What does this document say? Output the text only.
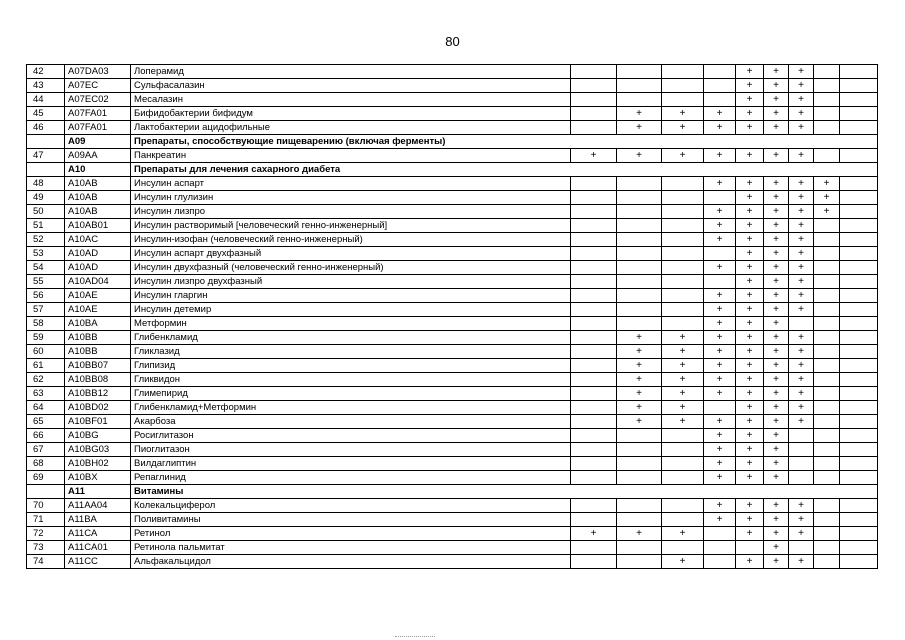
80
42	A07DA03	Лоперамид					+	+	+		
43	A07EC	Сульфасалазин					+	+	+		
44	A07EC02	Месалазин					+	+	+		
45	A07FA01	Бифидобактерии бифидум		+	+	+	+	+	+		
46	A07FA01	Лактобактерии ацидофильные		+	+	+	+	+	+		
	A09	Препараты, способствующие пищеварению (включая ферменты)									
47	A09AA	Панкреатин	+	+	+	+	+	+	+		
	A10	Препараты для лечения сахарного диабета									
48	A10AB	Инсулин аспарт				+	+	+	+	+	
49	A10AB	Инсулин глулизин					+	+	+	+	
50	A10AB	Инсулин лизпро				+	+	+	+	+	
51	A10AB01	Инсулин растворимый [человеческий генно-инженерный]				+	+	+	+		
52	A10AC	Инсулин-изофан (человеческий генно-инженерный)				+	+	+	+		
53	A10AD	Инсулин аспарт двухфазный					+	+	+		
54	A10AD	Инсулин двухфазный (человеческий генно-инженерный)				+	+	+	+		
55	A10AD04	Инсулин лизпро двухфазный					+	+	+		
56	A10AE	Инсулин гларгин				+	+	+	+		
57	A10AE	Инсулин детемир				+	+	+	+		
58	A10BA	Метформин				+	+	+			
59	A10BB	Глибенкламид		+	+	+	+	+	+		
60	A10BB	Гликлазид		+	+	+	+	+	+		
61	A10BB07	Глипизид		+	+	+	+	+	+		
62	A10BB08	Гликвидон		+	+	+	+	+	+		
63	A10BB12	Глимепирид		+	+	+	+	+	+		
64	A10BD02	Глибенкламид+Метформин		+	+		+	+	+		
65	A10BF01	Акарбоза		+	+	+	+	+	+		
66	A10BG	Росиглитазон				+	+	+			
67	A10BG03	Пиоглитазон				+	+	+			
68	A10BH02	Вилдаглиптин				+	+	+			
69	A10BX	Репаглинид				+	+	+			
	A11	Витамины									
70	A11AA04	Колекальциферол				+	+	+	+		
71	A11BA	Поливитамины				+	+	+	+		
72	A11CA	Ретинол	+	+	+		+	+	+		
73	A11CA01	Ретинола пальмитат						+			
74	A11CC	Альфакальцидол			+		+	+	+		
